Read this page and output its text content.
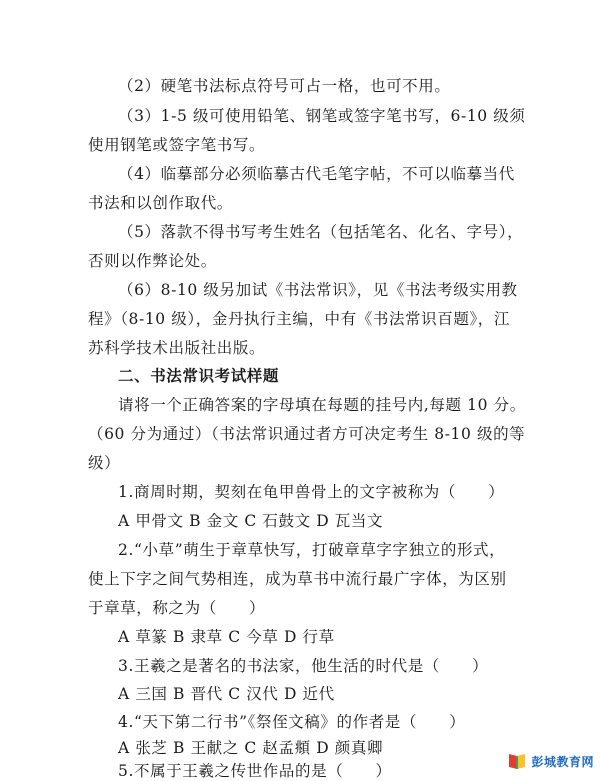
（2）硬笔书法标点符号可占一格，也可不用。
（3）1-5 级可使用铅笔、钢笔或签字笔书写，6-10 级须
使用钢笔或签字笔书写。
（4）临摹部分必须临摹古代毛笔字帖，不可以临摹当代
书法和以创作取代。
（5）落款不得书写考生姓名（包括笔名、化名、字号），
否则以作弊论处。
（6）8-10 级另加试《书法常识》，见《书法考级实用教
程》（8-10 级），金丹执行主编，中有《书法常识百题》，江
苏科学技术出版社出版。
二、书法常识考试样题
请将一个正确答案的字母填在每题的挂号内,每题 10 分。
（60 分为通过）（书法常识通过者方可决定考生 8-10 级的等
级）
1.商周时期，契刻在龟甲兽骨上的文字被称为（　　）
A 甲骨文 B 金文 C 石鼓文 D 瓦当文
2.“小草”萌生于章草快写，打破章草字字独立的形式，
使上下字之间气势相连，成为草书中流行最广字体，为区别
于章草，称之为（　　）
A 草篆 B 隶草 C 今草 D 行草
3.王羲之是著名的书法家，他生活的时代是（　　）
A 三国 B 晋代 C 汉代 D 近代
4.“天下第二行书”《祭侄文稿》的作者是（　　）
A 张芝 B 王献之 C 赵孟頫 D 颜真卿
5.不属于王羲之传世作品的是（　　）
彭城教育网
